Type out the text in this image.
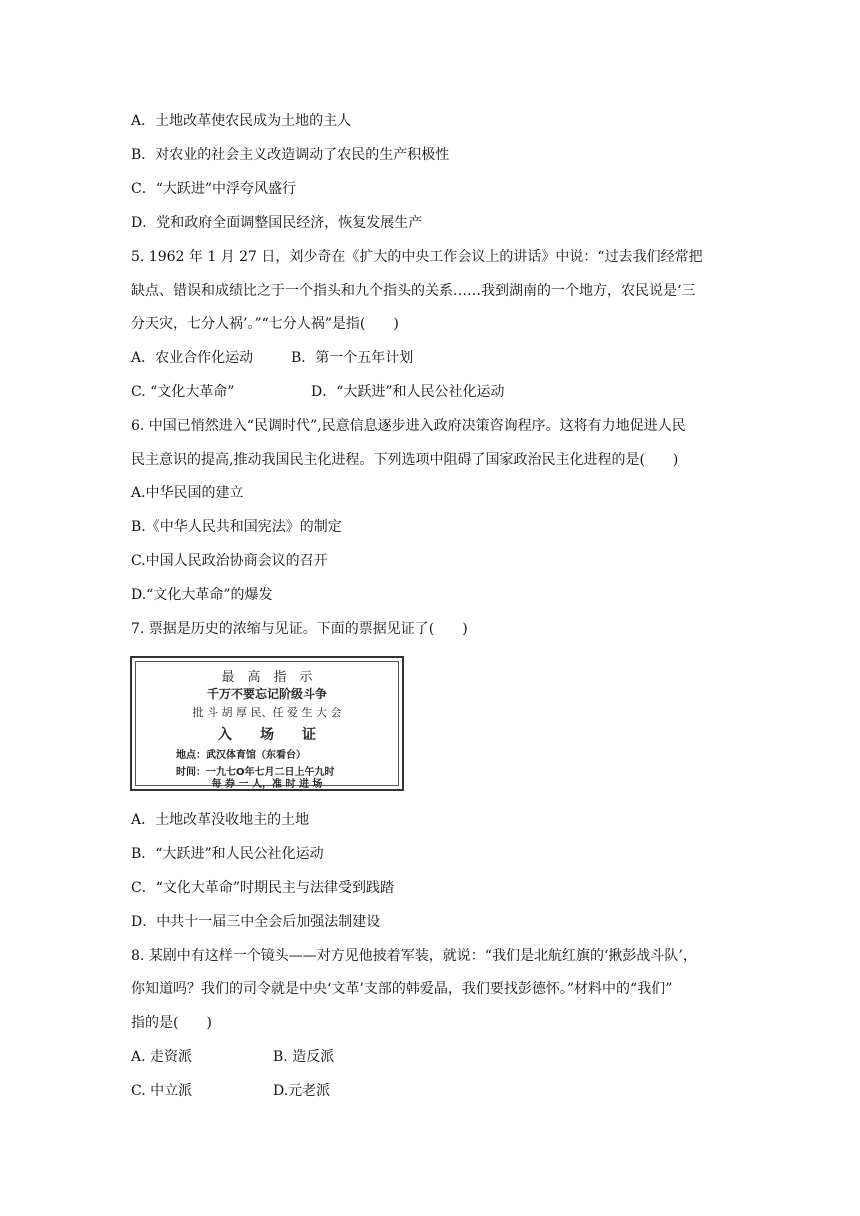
A．土地改革使农民成为土地的主人
B．对农业的社会主义改造调动了农民的生产积极性
C．“大跃进”中浮夸风盛行
D．党和政府全面调整国民经济，恢复发展生产
5. 1962 年 1 月 27 日，刘少奇在《扩大的中央工作会议上的讲话》中说：“过去我们经常把
缺点、错误和成绩比之于一个指头和九个指头的关系……我到湖南的一个地方，农民说是‘三
分天灾，七分人祸’。”“七分人祸”是指(　　)
A．农业合作化运动	B．第一个五年计划
C. “文化大革命”	D．“大跃进”和人民公社化运动
6. 中国已悄然进入“民调时代”,民意信息逐步进入政府决策咨询程序。这将有力地促进人民
民主意识的提高,推动我国民主化进程。下列选项中阻碍了国家政治民主化进程的是(　　)
A.中华民国的建立
B.《中华人民共和国宪法》的制定
C.中国人民政治协商会议的召开
D.“文化大革命”的爆发
7. 票据是历史的浓缩与见证。下面的票据见证了(　　)
最　高　指　示
千万不要忘记阶级斗争
批 斗 胡 厚 民、任 爱 生 大 会
入　　场　　证
地点：武汉体育馆（东看台）
时间：一九七O年七月二日上午九时
每 券 一 人，准 时 进 场
A．土地改革没收地主的土地
B．“大跃进”和人民公社化运动
C．“文化大革命”时期民主与法律受到践踏
D．中共十一届三中全会后加强法制建设
8. 某剧中有这样一个镜头——对方见他披着军装，就说：“我们是北航红旗的‘揪彭战斗队’，
你知道吗？我们的司令就是中央‘文革’支部的韩爱晶，我们要找彭德怀。”材料中的“我们”
指的是(　　)
A. 走资派	B. 造反派
C. 中立派	D.元老派
